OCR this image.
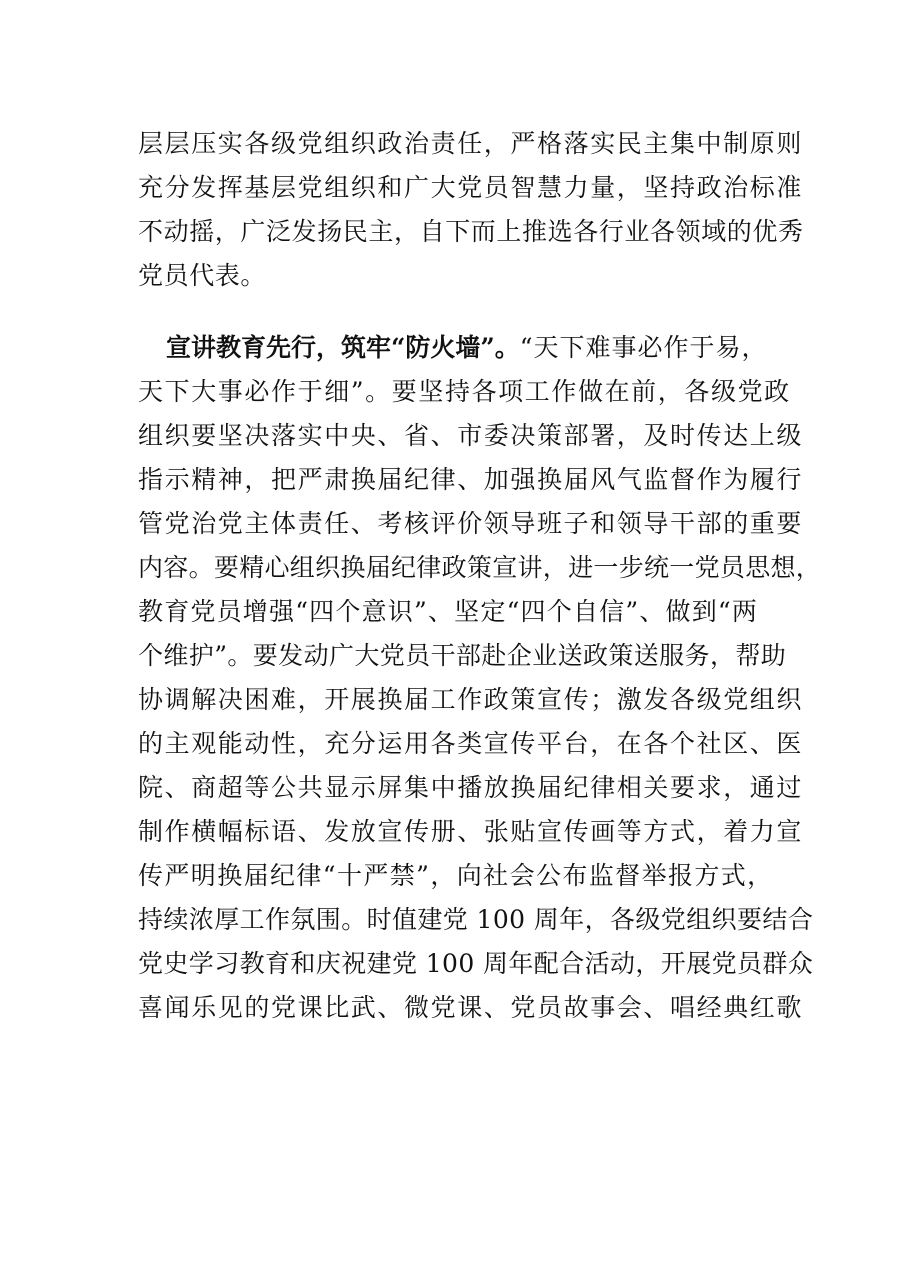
层层压实各级党组织政治责任，严格落实民主集中制原则
充分发挥基层党组织和广大党员智慧力量，坚持政治标准
不动摇，广泛发扬民主，自下而上推选各行业各领域的优秀
党员代表。
宣讲教育先行，筑牢“防火墙”。“天下难事必作于易，
天下大事必作于细”。要坚持各项工作做在前，各级党政
组织要坚决落实中央、省、市委决策部署，及时传达上级
指示精神，把严肃换届纪律、加强换届风气监督作为履行
管党治党主体责任、考核评价领导班子和领导干部的重要
内容。要精心组织换届纪律政策宣讲，进一步统一党员思想，
教育党员增强“四个意识”、坚定“四个自信”、做到“两
个维护”。要发动广大党员干部赴企业送政策送服务，帮助
协调解决困难，开展换届工作政策宣传；激发各级党组织
的主观能动性，充分运用各类宣传平台，在各个社区、医
院、商超等公共显示屏集中播放换届纪律相关要求，通过
制作横幅标语、发放宣传册、张贴宣传画等方式，着力宣
传严明换届纪律“十严禁”，向社会公布监督举报方式，
持续浓厚工作氛围。时值建党 100 周年，各级党组织要结合
党史学习教育和庆祝建党 100 周年配合活动，开展党员群众
喜闻乐见的党课比武、微党课、党员故事会、唱经典红歌
